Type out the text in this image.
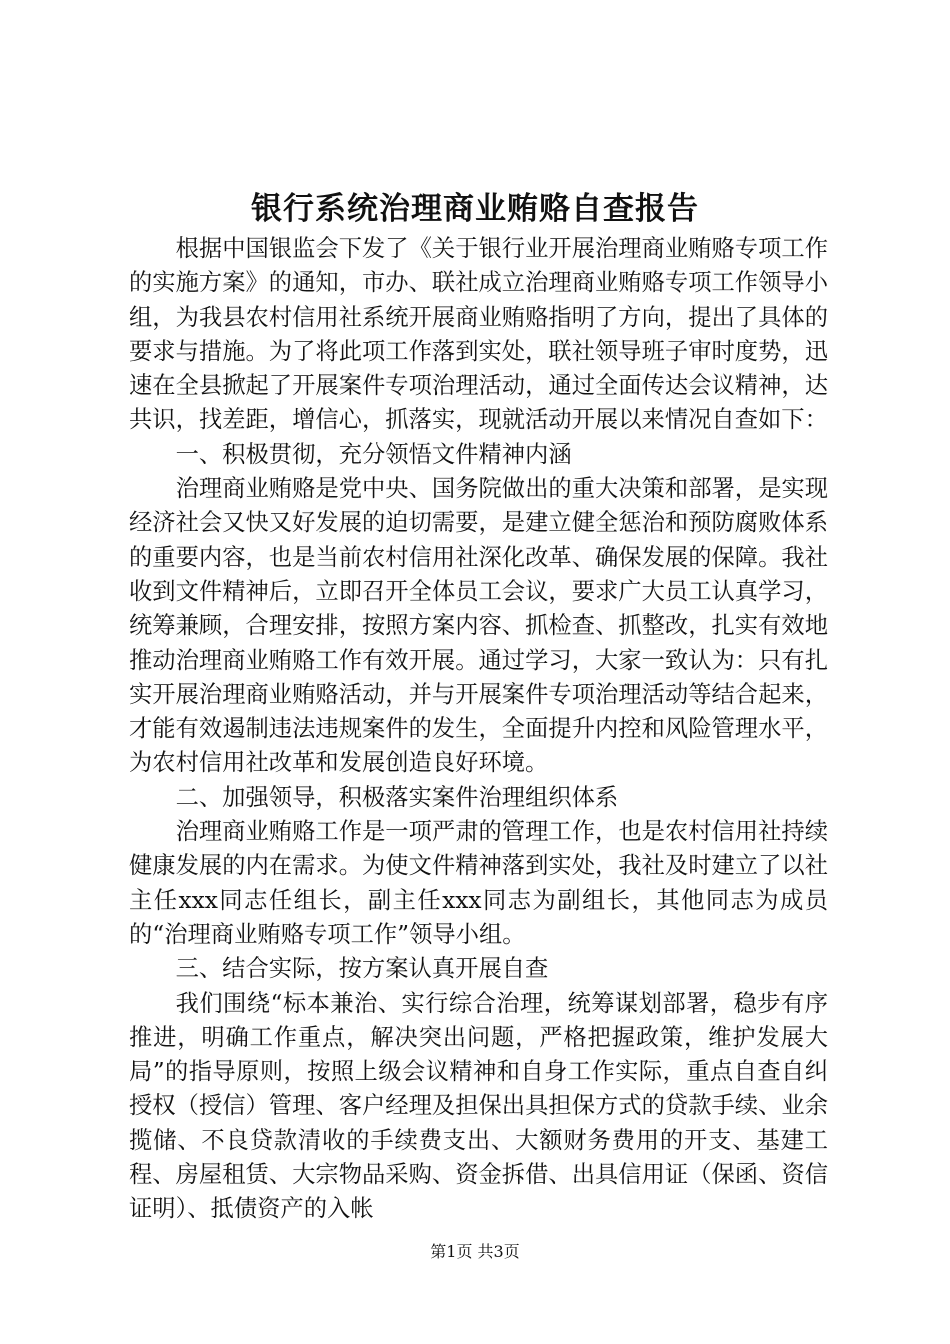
银行系统治理商业贿赂自查报告

根据中国银监会下发了《关于银行业开展治理商业贿赂专项工作的实施方案》的通知，市办、联社成立治理商业贿赂专项工作领导小组，为我县农村信用社系统开展商业贿赂指明了方向，提出了具体的要求与措施。为了将此项工作落到实处，联社领导班子审时度势，迅速在全县掀起了开展案件专项治理活动，通过全面传达会议精神，达共识，找差距，增信心，抓落实，现就活动开展以来情况自查如下：

一、积极贯彻，充分领悟文件精神内涵

治理商业贿赂是党中央、国务院做出的重大决策和部署，是实现经济社会又快又好发展的迫切需要，是建立健全惩治和预防腐败体系的重要内容，也是当前农村信用社深化改革、确保发展的保障。我社收到文件精神后，立即召开全体员工会议，要求广大员工认真学习，统筹兼顾，合理安排，按照方案内容、抓检查、抓整改，扎实有效地推动治理商业贿赂工作有效开展。通过学习，大家一致认为：只有扎实开展治理商业贿赂活动，并与开展案件专项治理活动等结合起来，才能有效遏制违法违规案件的发生，全面提升内控和风险管理水平，为农村信用社改革和发展创造良好环境。

二、加强领导，积极落实案件治理组织体系

治理商业贿赂工作是一项严肃的管理工作，也是农村信用社持续健康发展的内在需求。为使文件精神落到实处，我社及时建立了以社主任xxx同志任组长，副主任xxx同志为副组长，其他同志为成员的“治理商业贿赂专项工作”领导小组。

三、结合实际，按方案认真开展自查

我们围绕“标本兼治、实行综合治理，统筹谋划部署，稳步有序推进，明确工作重点，解决突出问题，严格把握政策，维护发展大局”的指导原则，按照上级会议精神和自身工作实际，重点自查自纠授权（授信）管理、客户经理及担保出具担保方式的贷款手续、业余揽储、不良贷款清收的手续费支出、大额财务费用的开支、基建工程、房屋租赁、大宗物品采购、资金拆借、出具信用证（保函、资信证明）、抵债资产的入帐

第1页 共3页
